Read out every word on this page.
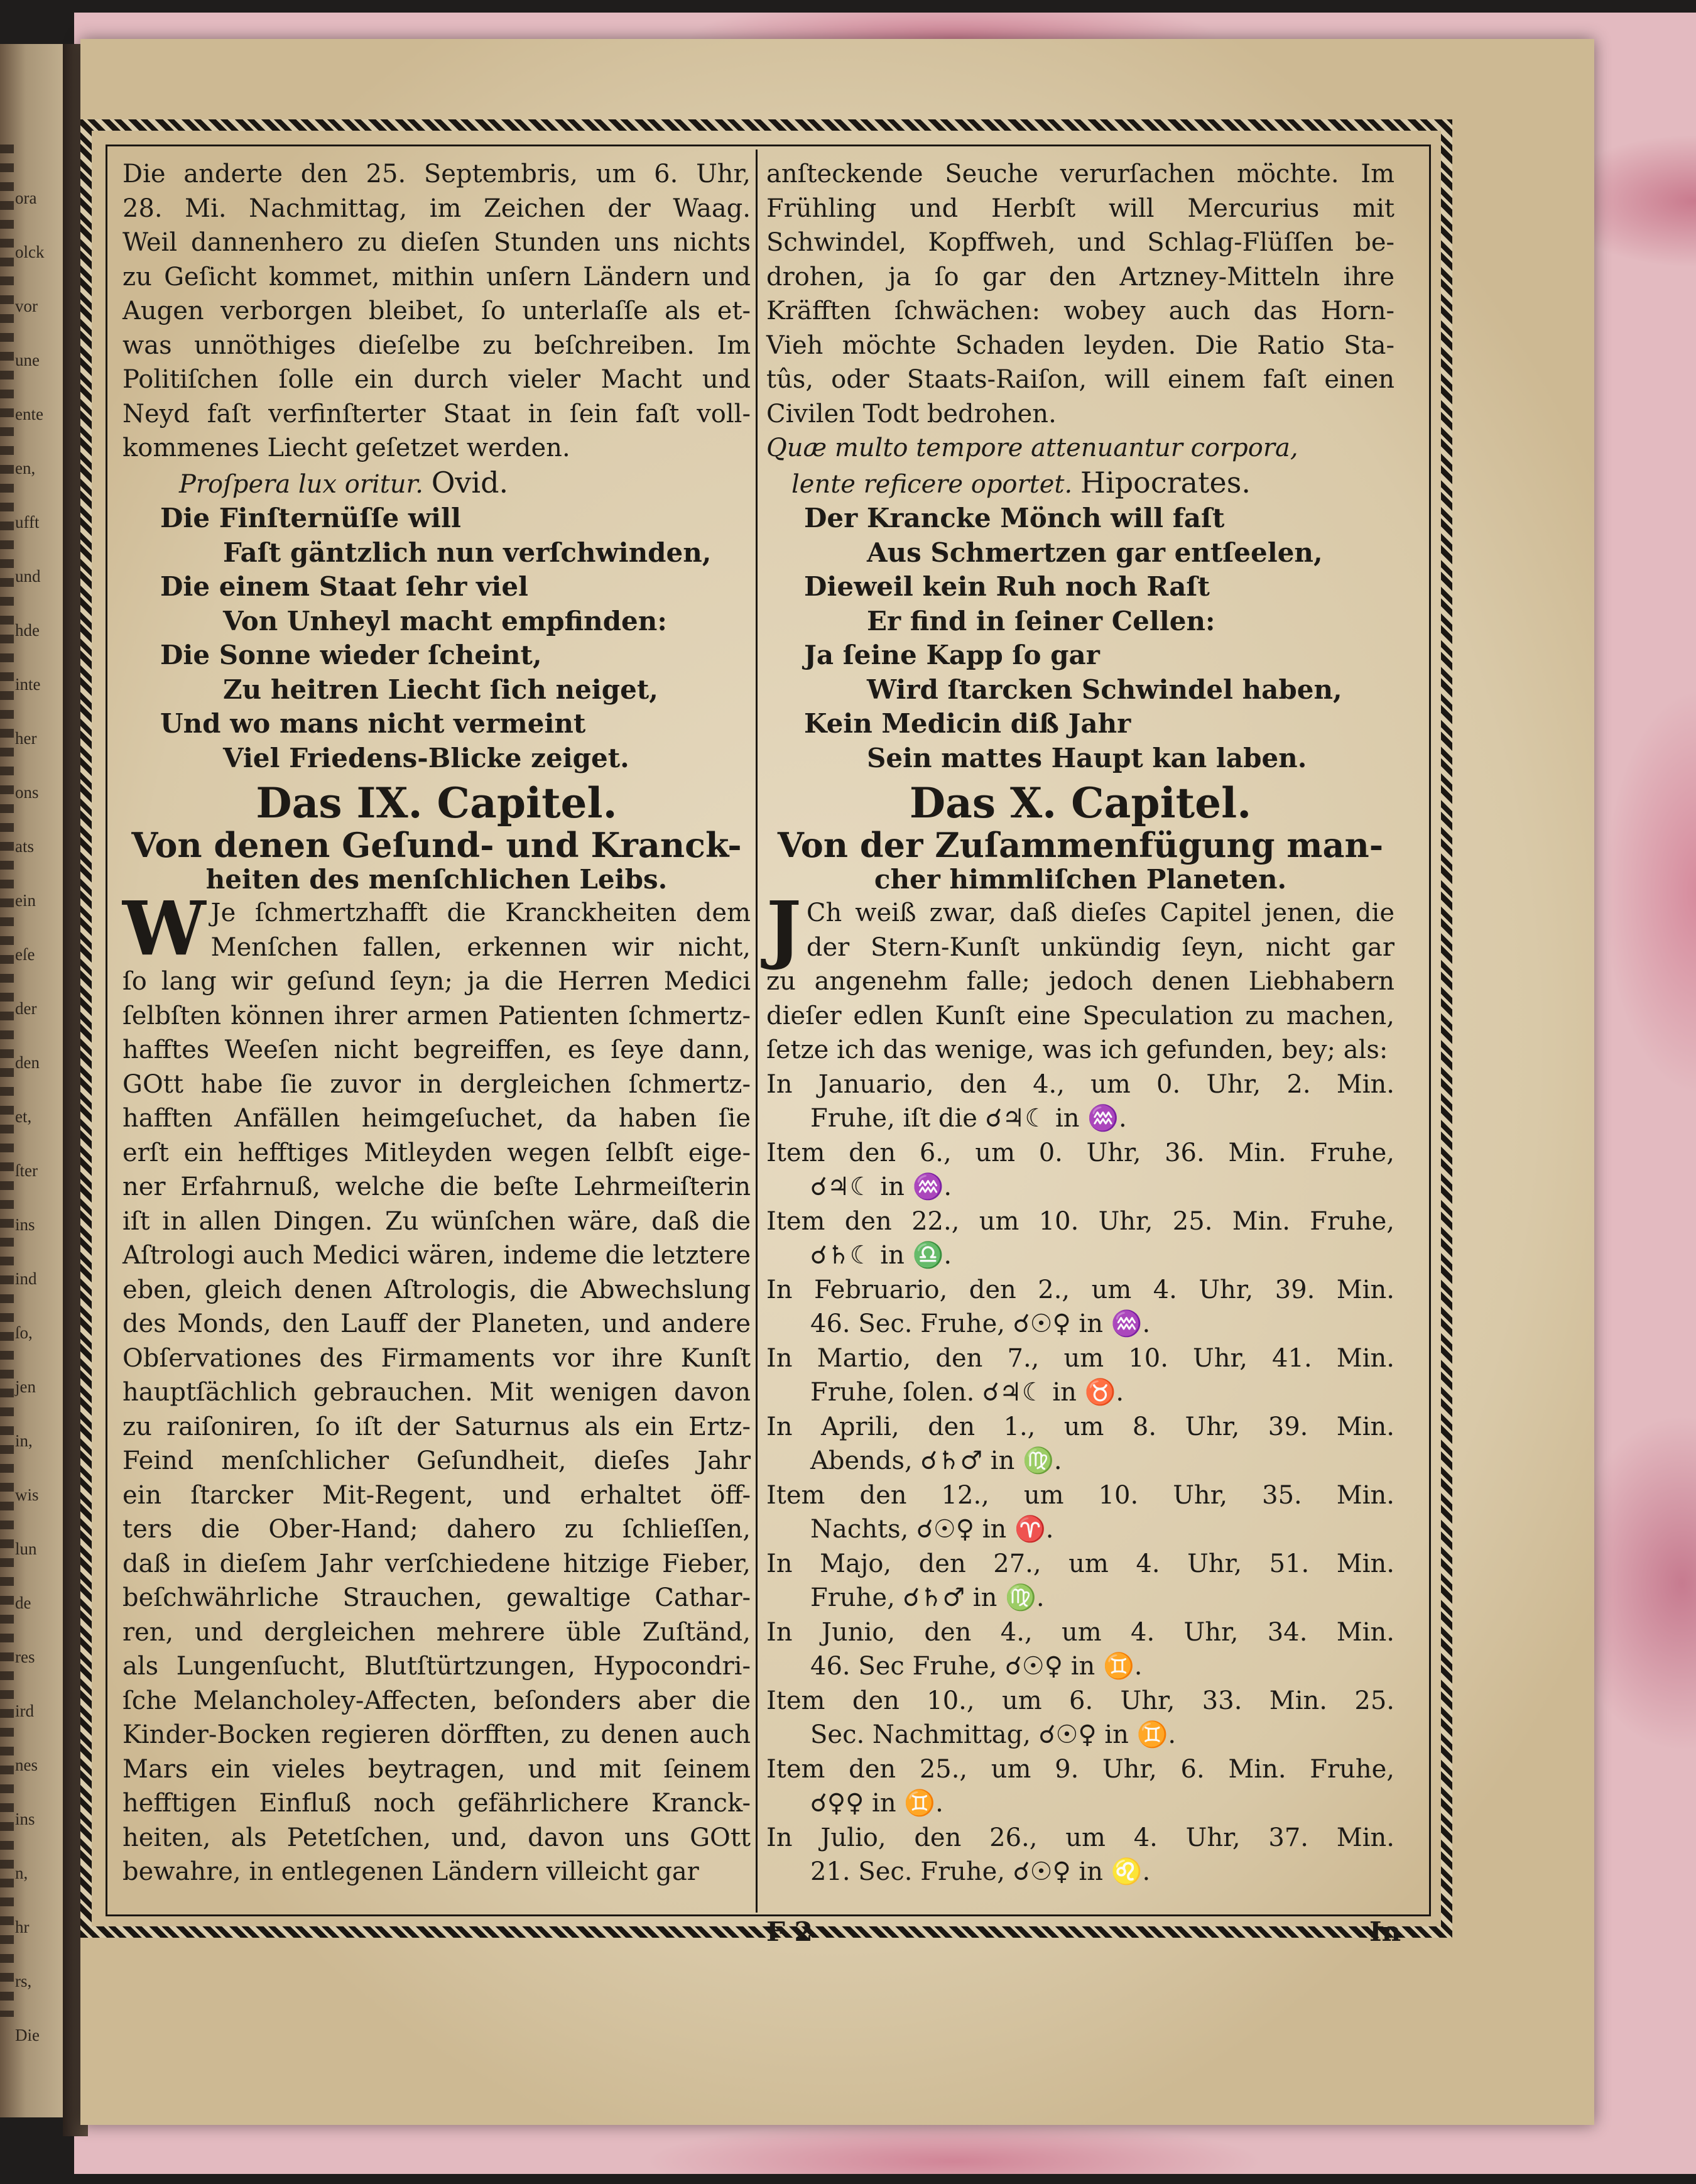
ora
olck
vor
une
ente
en,
ufft
und
hde
inte
her
ons
ats
ein
eſe
der
den
et,
ſter
ins
ind
ſo,
jen
in,
wis
lun
de
res
ird
nes
ins
n,
hr
rs,
Die
Die anderte den 25. Septembris, um 6. Uhr,
28. Mi. Nachmittag, im Zeichen der Waag.
Weil dannenhero zu dieſen Stunden uns nichts
zu Geſicht kommet, mithin unſern Ländern und
Augen verborgen bleibet, ſo unterlaſſe als et-
was unnöthiges dieſelbe zu beſchreiben. Im
Politiſchen ſolle ein durch vieler Macht und
Neyd faſt verfinſterter Staat in ſein faſt voll-
kommenes Liecht geſetzet werden.
Proſpera lux oritur. Ovid.
Die Finſternüſſe will
Faſt gäntzlich nun verſchwinden,
Die einem Staat ſehr viel
Von Unheyl macht empfinden:
Die Sonne wieder ſcheint,
Zu heitren Liecht ſich neiget,
Und wo mans nicht vermeint
Viel Friedens-Blicke zeiget.
Das IX. Capitel.
Von denen Geſund- und Kranck-
heiten des menſchlichen Leibs.
W Je ſchmertzhafft die Kranckheiten dem
Menſchen fallen, erkennen wir nicht,
ſo lang wir geſund ſeyn; ja die Herren Medici
ſelbſten können ihrer armen Patienten ſchmertz-
hafftes Weeſen nicht begreiffen, es ſeye dann,
GOtt habe ſie zuvor in dergleichen ſchmertz-
hafften Anfällen heimgeſuchet, da haben ſie
erſt ein hefftiges Mitleyden wegen ſelbſt eige-
ner Erfahrnuß, welche die beſte Lehrmeiſterin
iſt in allen Dingen. Zu wünſchen wäre, daß die
Aſtrologi auch Medici wären, indeme die letztere
eben, gleich denen Aſtrologis, die Abwechslung
des Monds, den Lauff der Planeten, und andere
Obſervationes des Firmaments vor ihre Kunſt
hauptſächlich gebrauchen. Mit wenigen davon
zu raiſoniren, ſo iſt der Saturnus als ein Ertz-
Feind menſchlicher Geſundheit, dieſes Jahr
ein ſtarcker Mit-Regent, und erhaltet öff-
ters die Ober-Hand; dahero zu ſchlieſſen,
daß in dieſem Jahr verſchiedene hitzige Fieber,
beſchwährliche Strauchen, gewaltige Cathar-
ren, und dergleichen mehrere üble Zuſtänd,
als Lungenſucht, Blutſtürtzungen, Hypocondri-
ſche Melancholey-Affecten, beſonders aber die
Kinder-Bocken regieren dörfften, zu denen auch
Mars ein vieles beytragen, und mit ſeinem
hefftigen Einfluß noch gefährlichere Kranck-
heiten, als Petetſchen, und, davon uns GOtt
bewahre, in entlegenen Ländern villeicht gar
anſteckende Seuche verurſachen möchte. Im
Frühling und Herbſt will Mercurius mit
Schwindel, Kopffweh, und Schlag-Flüſſen be-
drohen, ja ſo gar den Artzney-Mitteln ihre
Kräfften ſchwächen: wobey auch das Horn-
Vieh möchte Schaden leyden. Die Ratio Sta-
tûs, oder Staats-Raiſon, will einem faſt einen
Civilen Todt bedrohen.
Quæ multo tempore attenuantur corpora,
lente reficere oportet. Hipocrates.
Der Krancke Mönch will faſt
Aus Schmertzen gar entſeelen,
Dieweil kein Ruh noch Raſt
Er find in ſeiner Cellen:
Ja ſeine Kapp ſo gar
Wird ſtarcken Schwindel haben,
Kein Medicin diß Jahr
Sein mattes Haupt kan laben.
Das X. Capitel.
Von der Zuſammenfügung man-
cher himmliſchen Planeten.
J Ch weiß zwar, daß dieſes Capitel jenen, die
der Stern-Kunſt unkündig ſeyn, nicht gar
zu angenehm falle; jedoch denen Liebhabern
dieſer edlen Kunſt eine Speculation zu machen,
ſetze ich das wenige, was ich gefunden, bey; als:
In Januario, den 4., um 0. Uhr, 2. Min.
Fruhe, iſt die ☌♃☾ in ♒.
Item den 6., um 0. Uhr, 36. Min. Fruhe,
☌♃☾ in ♒.
Item den 22., um 10. Uhr, 25. Min. Fruhe,
☌♄☾ in ♎.
In Februario, den 2., um 4. Uhr, 39. Min.
46. Sec. Fruhe, ☌☉♀ in ♒.
In Martio, den 7., um 10. Uhr, 41. Min.
Fruhe, ſolen. ☌♃☾ in ♉.
In Aprili, den 1., um 8. Uhr, 39. Min.
Abends, ☌♄♂ in ♍.
Item den 12., um 10. Uhr, 35. Min.
Nachts, ☌☉♀ in ♈.
In Majo, den 27., um 4. Uhr, 51. Min.
Fruhe, ☌♄♂ in ♍.
In Junio, den 4., um 4. Uhr, 34. Min.
46. Sec Fruhe, ☌☉♀ in ♊.
Item den 10., um 6. Uhr, 33. Min. 25.
Sec. Nachmittag, ☌☉♀ in ♊.
Item den 25., um 9. Uhr, 6. Min. Fruhe,
☌♀♀ in ♊.
In Julio, den 26., um 4. Uhr, 37. Min.
21. Sec. Fruhe, ☌☉♀ in ♌.
F 2	In
